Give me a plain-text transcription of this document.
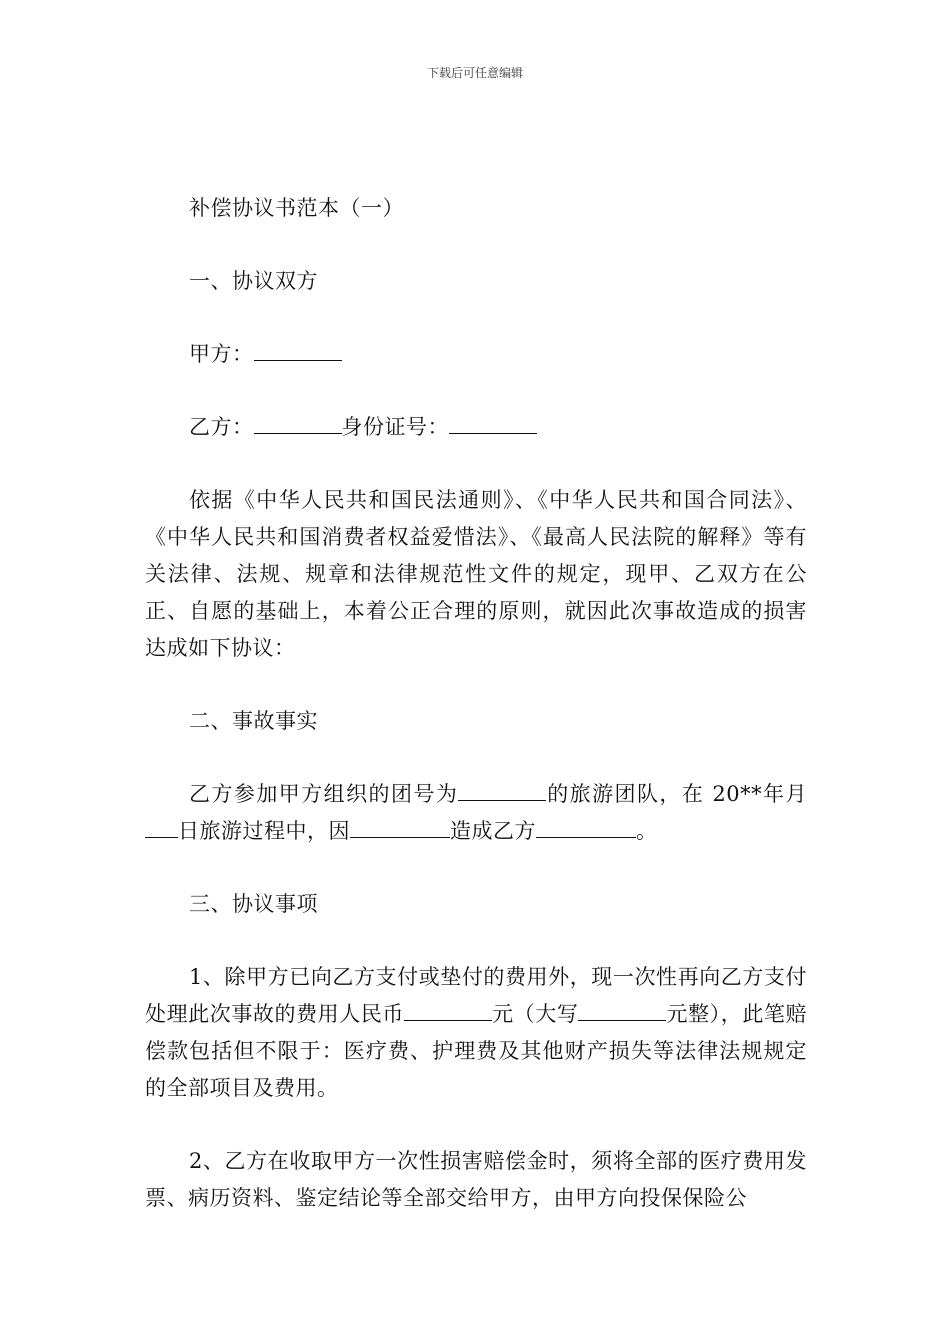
下载后可任意编辑

补偿协议书范本（一）

一、协议双方

甲方：

乙方：	身份证号：

依据《中华人民共和国民法通则》、《中华人民共和国合同法》、《中华人民共和国消费者权益爱惜法》、《最高人民法院的解释》等有关法律、法规、规章和法律规范性文件的规定，现甲、乙双方在公正、自愿的基础上，本着公正合理的原则，就因此次事故造成的损害达成如下协议：

二、事故事实

乙方参加甲方组织的团号为	的旅游团队，在 20**年月日旅游过程中，因	造成乙方	。

三、协议事项

1、除甲方已向乙方支付或垫付的费用外，现一次性再向乙方支付处理此次事故的费用人民币	元（大写	元整），此笔赔偿款包括但不限于：医疗费、护理费及其他财产损失等法律法规规定的全部项目及费用。

2、乙方在收取甲方一次性损害赔偿金时，须将全部的医疗费用发票、病历资料、鉴定结论等全部交给甲方，由甲方向投保保险公
